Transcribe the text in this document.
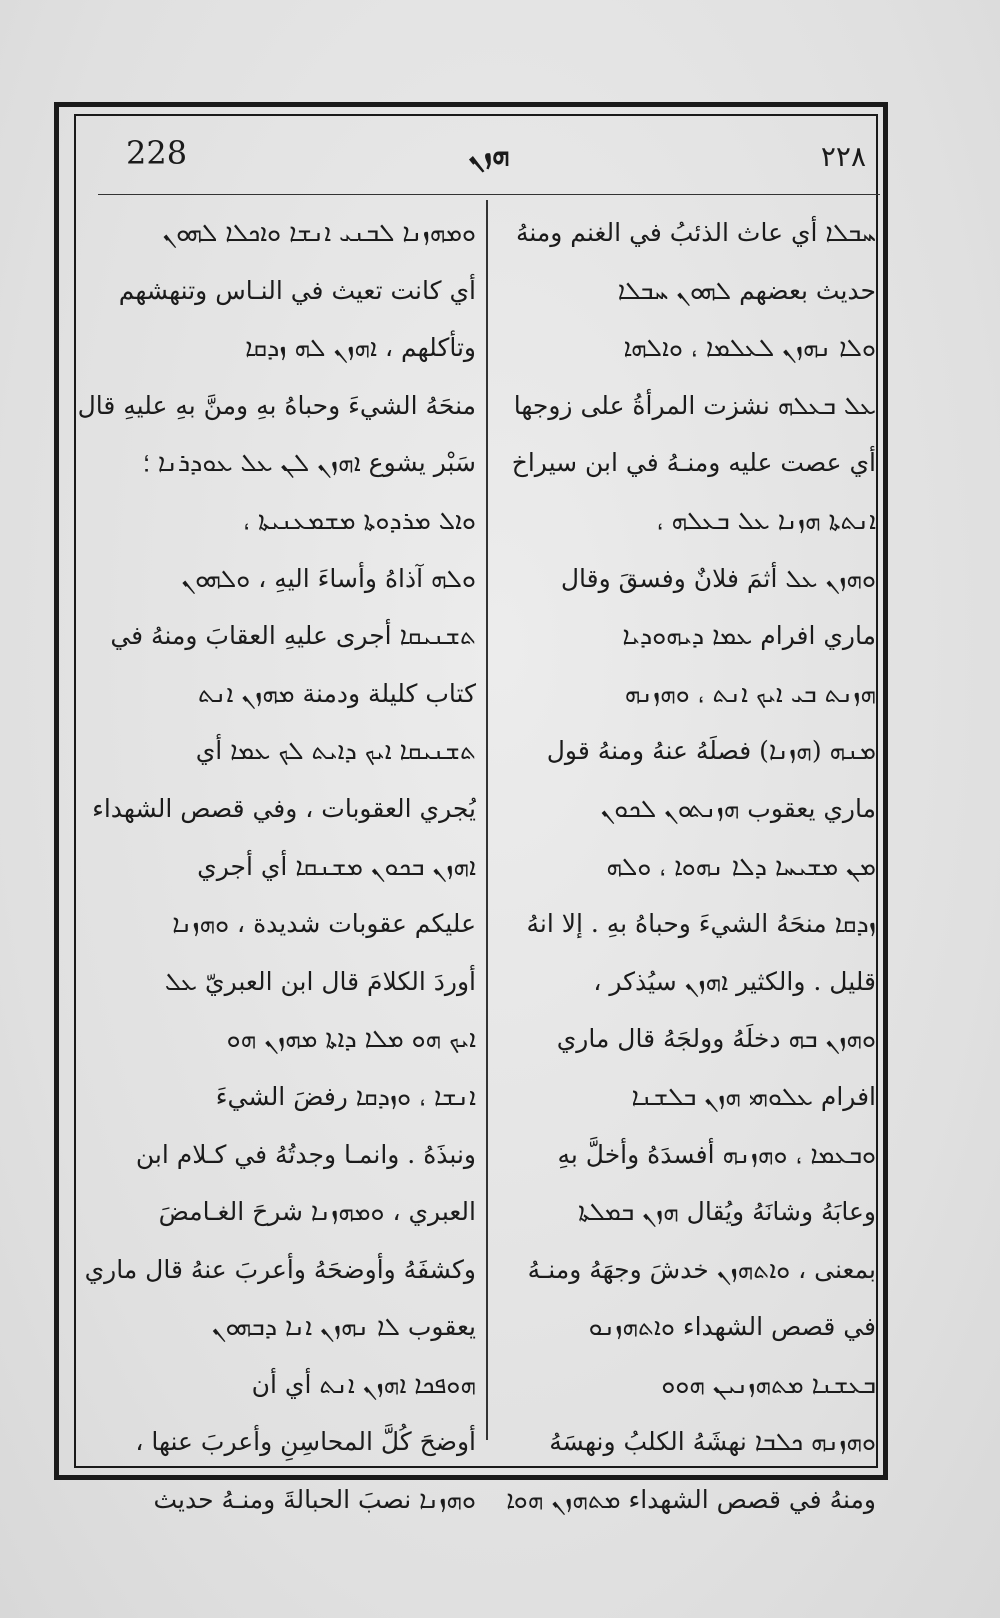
228	ܗܙܢ	٢٢٨
ܚܒܠܐ أي عاث الذئبُ في الغنم ومنهُ
حديث بعضهم ܠܗܘܢ ܚܒܠܐ
ܘܠܐ ܢܗܙܢ ܠܥܠܡܐ ، ܘܐܠܗܐ
ܥܠ ܒܥܠܗ نشزت المرأةُ على زوجها
أي عصت عليه ومنـهُ في ابن سيراخ
ܐܢܬܬܐ ܗܙܢܐ ܥܠ ܒܥܠܗ ،
ܘܗܙܢ ܥܠ أثمَ فلانٌ وفسقَ وقال
ماري افرام ܥܡܐ ܕܝܗܘܕܝܐ
ܗܙܢܬ ܒܝ ܐܝܟ ܐܢܬ ، ܘܗܙܢܗ
ܡܢܗ (ܗܙܢܐ) فصلَهُ عنهُ ومنهُ قول
ماري يعقوب ܗܙܢܬܘܢ ܠܟܘܢ
ܡܢ ܡܫܝܚܐ ܕܠܐ ܢܗܘܐ ، ܘܠܗ
ܙܕܩܐ منحَهُ الشيءَ وحباهُ بهِ . إلا انهُ
قليل . والكثير ܐܗܙܢ سيُذكر ،
ܘܗܙܢ ܒܗ دخلَهُ وولجَهُ قال ماري
افرام ܥܠܘܗܝ ܗܙܢ ܒܠܫܢܐ
ܘܒܥܡܐ ، ܘܗܙܢܗ أفسدَهُ وأخلَّ بهِ
وعابَهُ وشانَهُ ويُقال ܗܙܢ ܒܡܠܬܐ
بمعنى ، ܘܐܬܗܙܢ خدشَ وجهَهُ ومنـهُ
في قصص الشهداء ܘܐܬܗܙܢܘ
ܒܥܫܢܐ ܡܬܗܙܢܝܢ ܗܘܘ
ܘܗܙܢܗ ܟܠܒܐ نهشَهُ الكلبُ ونهسَهُ
ومنهُ في قصص الشهداء ܡܬܗܙܢ ܗܘܐ
ܘܡܗܙܢܐ ܠܒܢܝ ܐܢܫܐ ܘܐܟܠܐ ܠܗܘܢ
أي كانت تعيث في النـاس وتنهشهم
وتأكلهم ، ܐܗܙܢ ܠܗ ܙܕܩܐ
منحَهُ الشيءَ وحباهُ بهِ ومنَّ بهِ عليهِ قال
سَبْر يشوع ܐܗܙܢ ܠܢ ܥܠ ܥܘܕܪܢܐ ؛
ܘܐܠ ܡܪܕܘܬܐ ܡܫܡܥܢܝܬܐ ،
ܘܠܗ آذاهُ وأساءَ اليهِ ، ܘܠܗܘܢ
ܬܫܢܝܩܐ أجرى عليهِ العقابَ ومنهُ في
كتاب كليلة ودمنة ܡܗܙܢ ܐܢܬ
ܬܫܢܝܩܐ ܐܝܟ ܕܐܝܬ ܠܟ ܥܡܐ أي
يُجري العقوبات ، وفي قصص الشهداء
ܐܗܙܢ ܒܟܘܢ ܡܫܢܩܐ أي أجري
عليكم عقوبات شديدة ، ܘܗܙܢܐ
أوردَ الكلامَ قال ابن العبريّ ܥܠ
ܐܝܟ ܗܘ ܡܠܐ ܕܐܬܐ ܡܗܙܢ ܗܘ
ܐܢܫܐ ، ܘܙܕܩܐ رفضَ الشيءَ
ونبذَهُ . وانمـا وجدتُهُ في كـلام ابن
العبري ، ܘܡܗܙܢܐ شرحَ الغـامضَ
وكشفَهُ وأوضحَهُ وأعربَ عنهُ قال ماري
يعقوب ܠܐ ܢܗܙܢ ܐܢܐ ܕܒܗܘܢ
ܗܘܦܟܐ ܐܗܙܢ ܐܢܬ أي أن
أوضحَ كُلَّ المحاسِنِ وأعربَ عنها ،
ܘܗܙܢܐ نصبَ الحبالةَ ومنـهُ حديث
